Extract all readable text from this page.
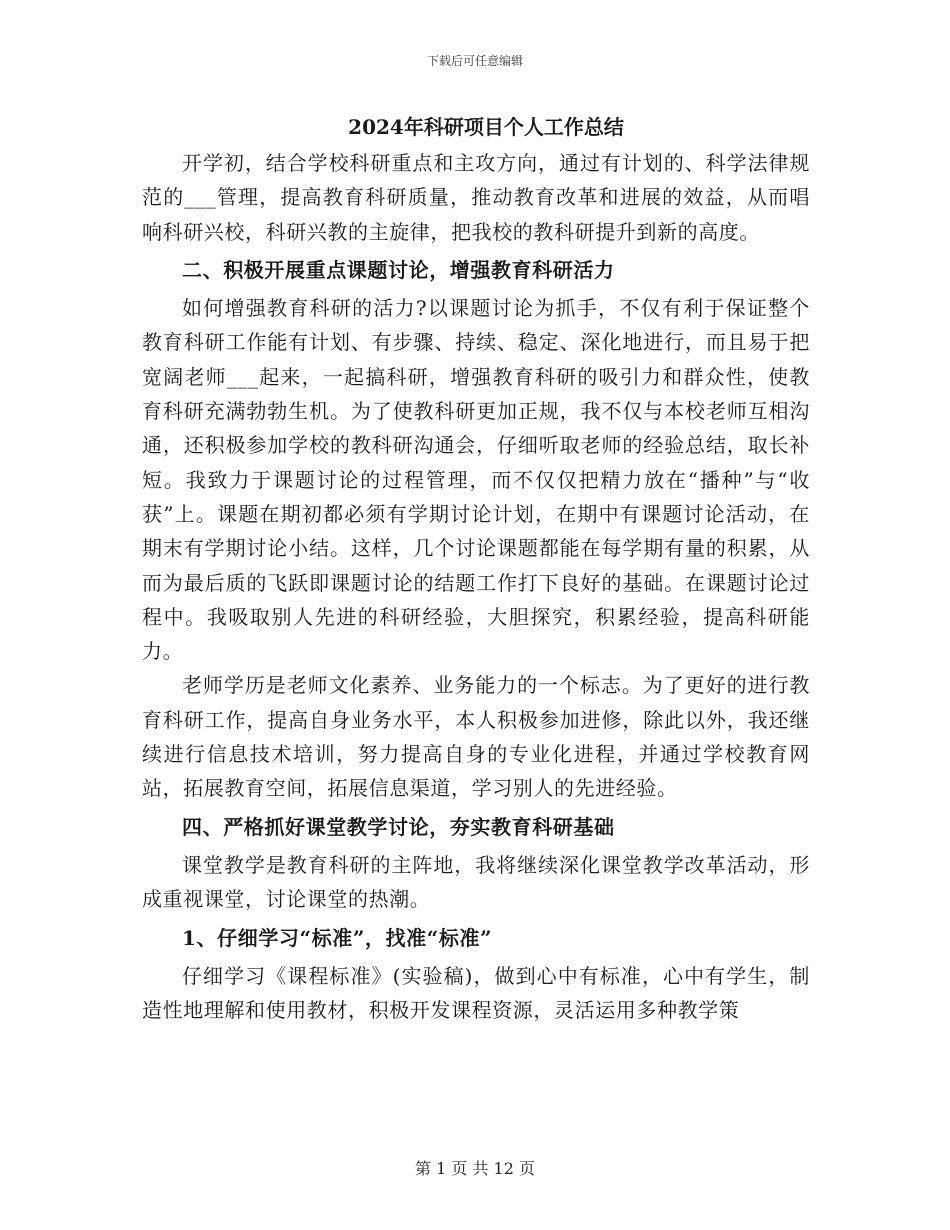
下载后可任意编辑
2024年科研项目个人工作总结

开学初，结合学校科研重点和主攻方向，通过有计划的、科学法律规范的___管理，提高教育科研质量，推动教育改革和进展的效益，从而唱响科研兴校，科研兴教的主旋律，把我校的教科研提升到新的高度。

二、积极开展重点课题讨论，增强教育科研活力

如何增强教育科研的活力?以课题讨论为抓手，不仅有利于保证整个教育科研工作能有计划、有步骤、持续、稳定、深化地进行，而且易于把宽阔老师___起来，一起搞科研，增强教育科研的吸引力和群众性，使教育科研充满勃勃生机。为了使教科研更加正规，我不仅与本校老师互相沟通，还积极参加学校的教科研沟通会，仔细听取老师的经验总结，取长补短。我致力于课题讨论的过程管理，而不仅仅把精力放在“播种”与“收获”上。课题在期初都必须有学期讨论计划，在期中有课题讨论活动，在期末有学期讨论小结。这样，几个讨论课题都能在每学期有量的积累，从而为最后质的飞跃即课题讨论的结题工作打下良好的基础。在课题讨论过程中。我吸取别人先进的科研经验，大胆探究，积累经验，提高科研能力。

老师学历是老师文化素养、业务能力的一个标志。为了更好的进行教育科研工作，提高自身业务水平，本人积极参加进修，除此以外，我还继续进行信息技术培训，努力提高自身的专业化进程，并通过学校教育网站，拓展教育空间，拓展信息渠道，学习别人的先进经验。

四、严格抓好课堂教学讨论，夯实教育科研基础

课堂教学是教育科研的主阵地，我将继续深化课堂教学改革活动，形成重视课堂，讨论课堂的热潮。

1、仔细学习“标准”，找准“标准”

仔细学习《课程标准》(实验稿)，做到心中有标准，心中有学生，制造性地理解和使用教材，积极开发课程资源，灵活运用多种教学策

第 1 页 共 12 页
